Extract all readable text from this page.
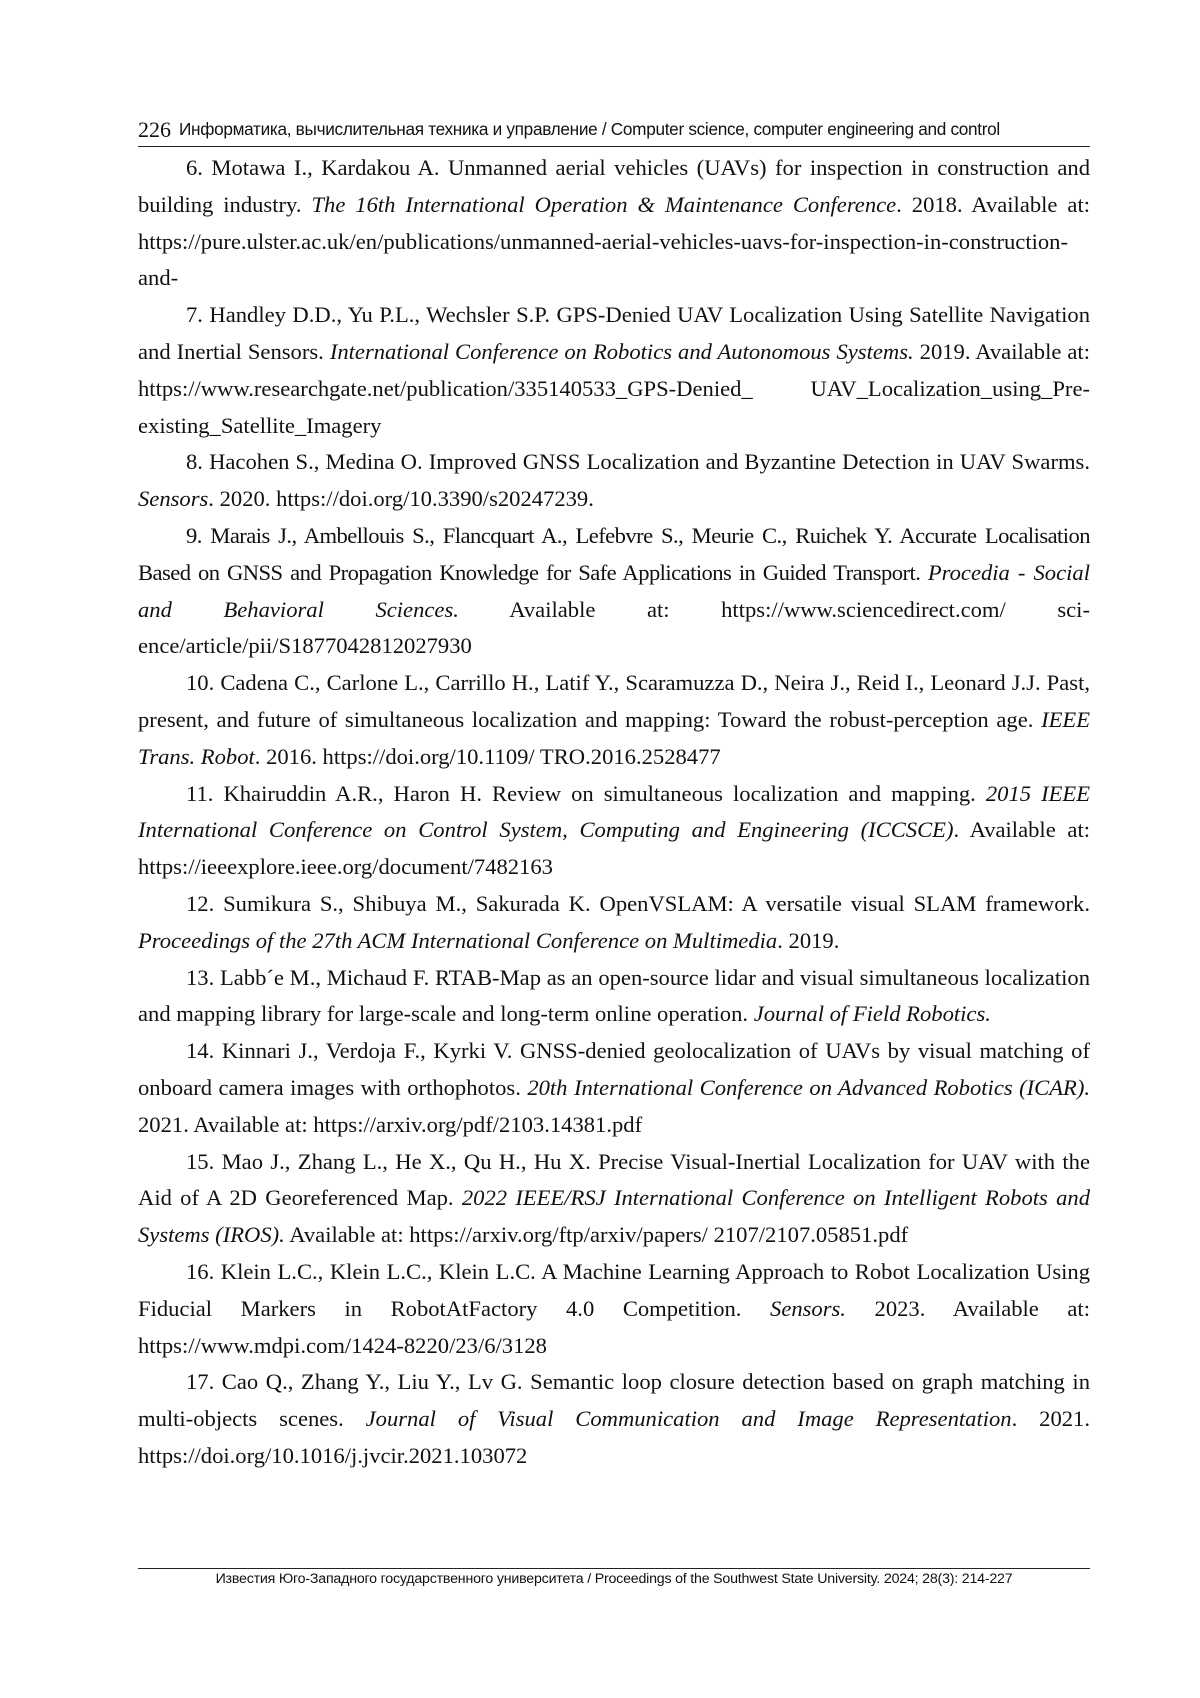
226 Информатика, вычислительная техника и управление / Computer science, computer engineering and control

6. Motawa I., Kardakou A. Unmanned aerial vehicles (UAVs) for inspection in construction and building industry. The 16th International Operation & Maintenance Conference. 2018. Available at: https://pure.ulster.ac.uk/en/publications/unmanned-aerial-vehicles-uavs-for-inspection-in-construction-and-

7. Handley D.D., Yu P.L., Wechsler S.P. GPS-Denied UAV Localization Using Satellite Navigation and Inertial Sensors. International Conference on Robotics and Autonomous Systems. 2019. Available at: https://www.researchgate.net/publication/335140533_GPS-Denied_ UAV_Localization_using_Pre-existing_Satellite_Imagery

8. Hacohen S., Medina O. Improved GNSS Localization and Byzantine Detection in UAV Swarms. Sensors. 2020. https://doi.org/10.3390/s20247239.

9. Marais J., Ambellouis S., Flancquart A., Lefebvre S., Meurie C., Ruichek Y. Accurate Localisation Based on GNSS and Propagation Knowledge for Safe Applications in Guided Transport. Procedia - Social and Behavioral Sciences. Available at: https://www.sciencedirect.com/ science/article/pii/S1877042812027930

10. Cadena C., Carlone L., Carrillo H., Latif Y., Scaramuzza D., Neira J., Reid I., Leonard J.J. Past, present, and future of simultaneous localization and mapping: Toward the robust-perception age. IEEE Trans. Robot. 2016. https://doi.org/10.1109/ TRO.2016.2528477

11. Khairuddin A.R., Haron H. Review on simultaneous localization and mapping. 2015 IEEE International Conference on Control System, Computing and Engineering (ICCSCE). Available at: https://ieeexplore.ieee.org/document/7482163

12. Sumikura S., Shibuya M., Sakurada K. OpenVSLAM: A versatile visual SLAM framework. Proceedings of the 27th ACM International Conference on Multimedia. 2019.

13. Labb´e M., Michaud F. RTAB-Map as an open-source lidar and visual simultaneous localization and mapping library for large-scale and long-term online operation. Journal of Field Robotics.

14. Kinnari J., Verdoja F., Kyrki V. GNSS-denied geolocalization of UAVs by visual matching of onboard camera images with orthophotos. 20th International Conference on Advanced Robotics (ICAR). 2021. Available at: https://arxiv.org/pdf/2103.14381.pdf

15. Mao J., Zhang L., He X., Qu H., Hu X. Precise Visual-Inertial Localization for UAV with the Aid of A 2D Georeferenced Map. 2022 IEEE/RSJ International Conference on Intelligent Robots and Systems (IROS). Available at: https://arxiv.org/ftp/arxiv/papers/ 2107/2107.05851.pdf

16. Klein L.C., Klein L.C., Klein L.C. A Machine Learning Approach to Robot Localization Using Fiducial Markers in RobotAtFactory 4.0 Competition. Sensors. 2023. Available at: https://www.mdpi.com/1424-8220/23/6/3128

17. Cao Q., Zhang Y., Liu Y., Lv G. Semantic loop closure detection based on graph matching in multi-objects scenes. Journal of Visual Communication and Image Representation. 2021. https://doi.org/10.1016/j.jvcir.2021.103072

Известия Юго-Западного государственного университета / Proceedings of the Southwest State University. 2024; 28(3): 214-227
